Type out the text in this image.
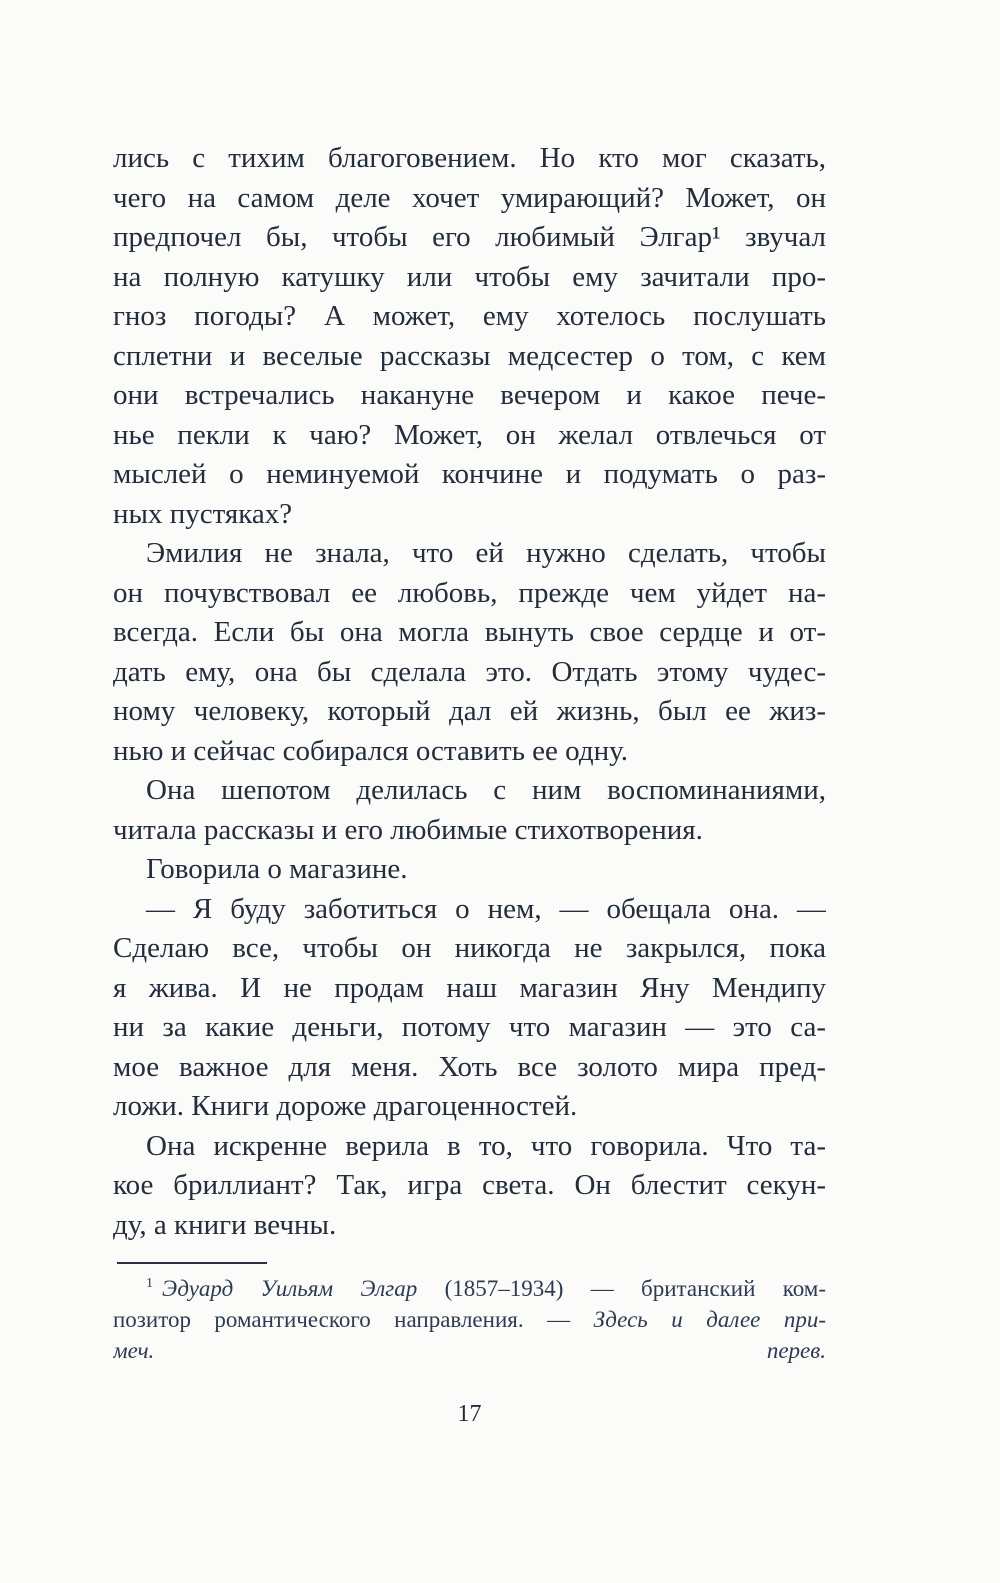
лись с тихим благоговением. Но кто мог сказать,
чего на самом деле хочет умирающий? Может, он
предпочел бы, чтобы его любимый Элгар¹ звучал
на полную катушку или чтобы ему зачитали про-
гноз погоды? А может, ему хотелось послушать
сплетни и веселые рассказы медсестер о том, с кем
они встречались накануне вечером и какое пече-
нье пекли к чаю? Может, он желал отвлечься от
мыслей о неминуемой кончине и подумать о раз-
ных пустяках?
Эмилия не знала, что ей нужно сделать, чтобы
он почувствовал ее любовь, прежде чем уйдет на-
всегда. Если бы она могла вынуть свое сердце и от-
дать ему, она бы сделала это. Отдать этому чудес-
ному человеку, который дал ей жизнь, был ее жиз-
нью и сейчас собирался оставить ее одну.
Она шепотом делилась с ним воспоминаниями,
читала рассказы и его любимые стихотворения.
Говорила о магазине.
— Я буду заботиться о нем, — обещала она. —
Сделаю все, чтобы он никогда не закрылся, пока
я жива. И не продам наш магазин Яну Мендипу
ни за какие деньги, потому что магазин — это са-
мое важное для меня. Хоть все золото мира пред-
ложи. Книги дороже драгоценностей.
Она искренне верила в то, что говорила. Что та-
кое бриллиант? Так, игра света. Он блестит секун-
ду, а книги вечны.
$^1$ Эдуард Уильям Элгар (1857–1934) — британский ком-
позитор романтического направления. — Здесь и далее при-
меч. перев.
17
